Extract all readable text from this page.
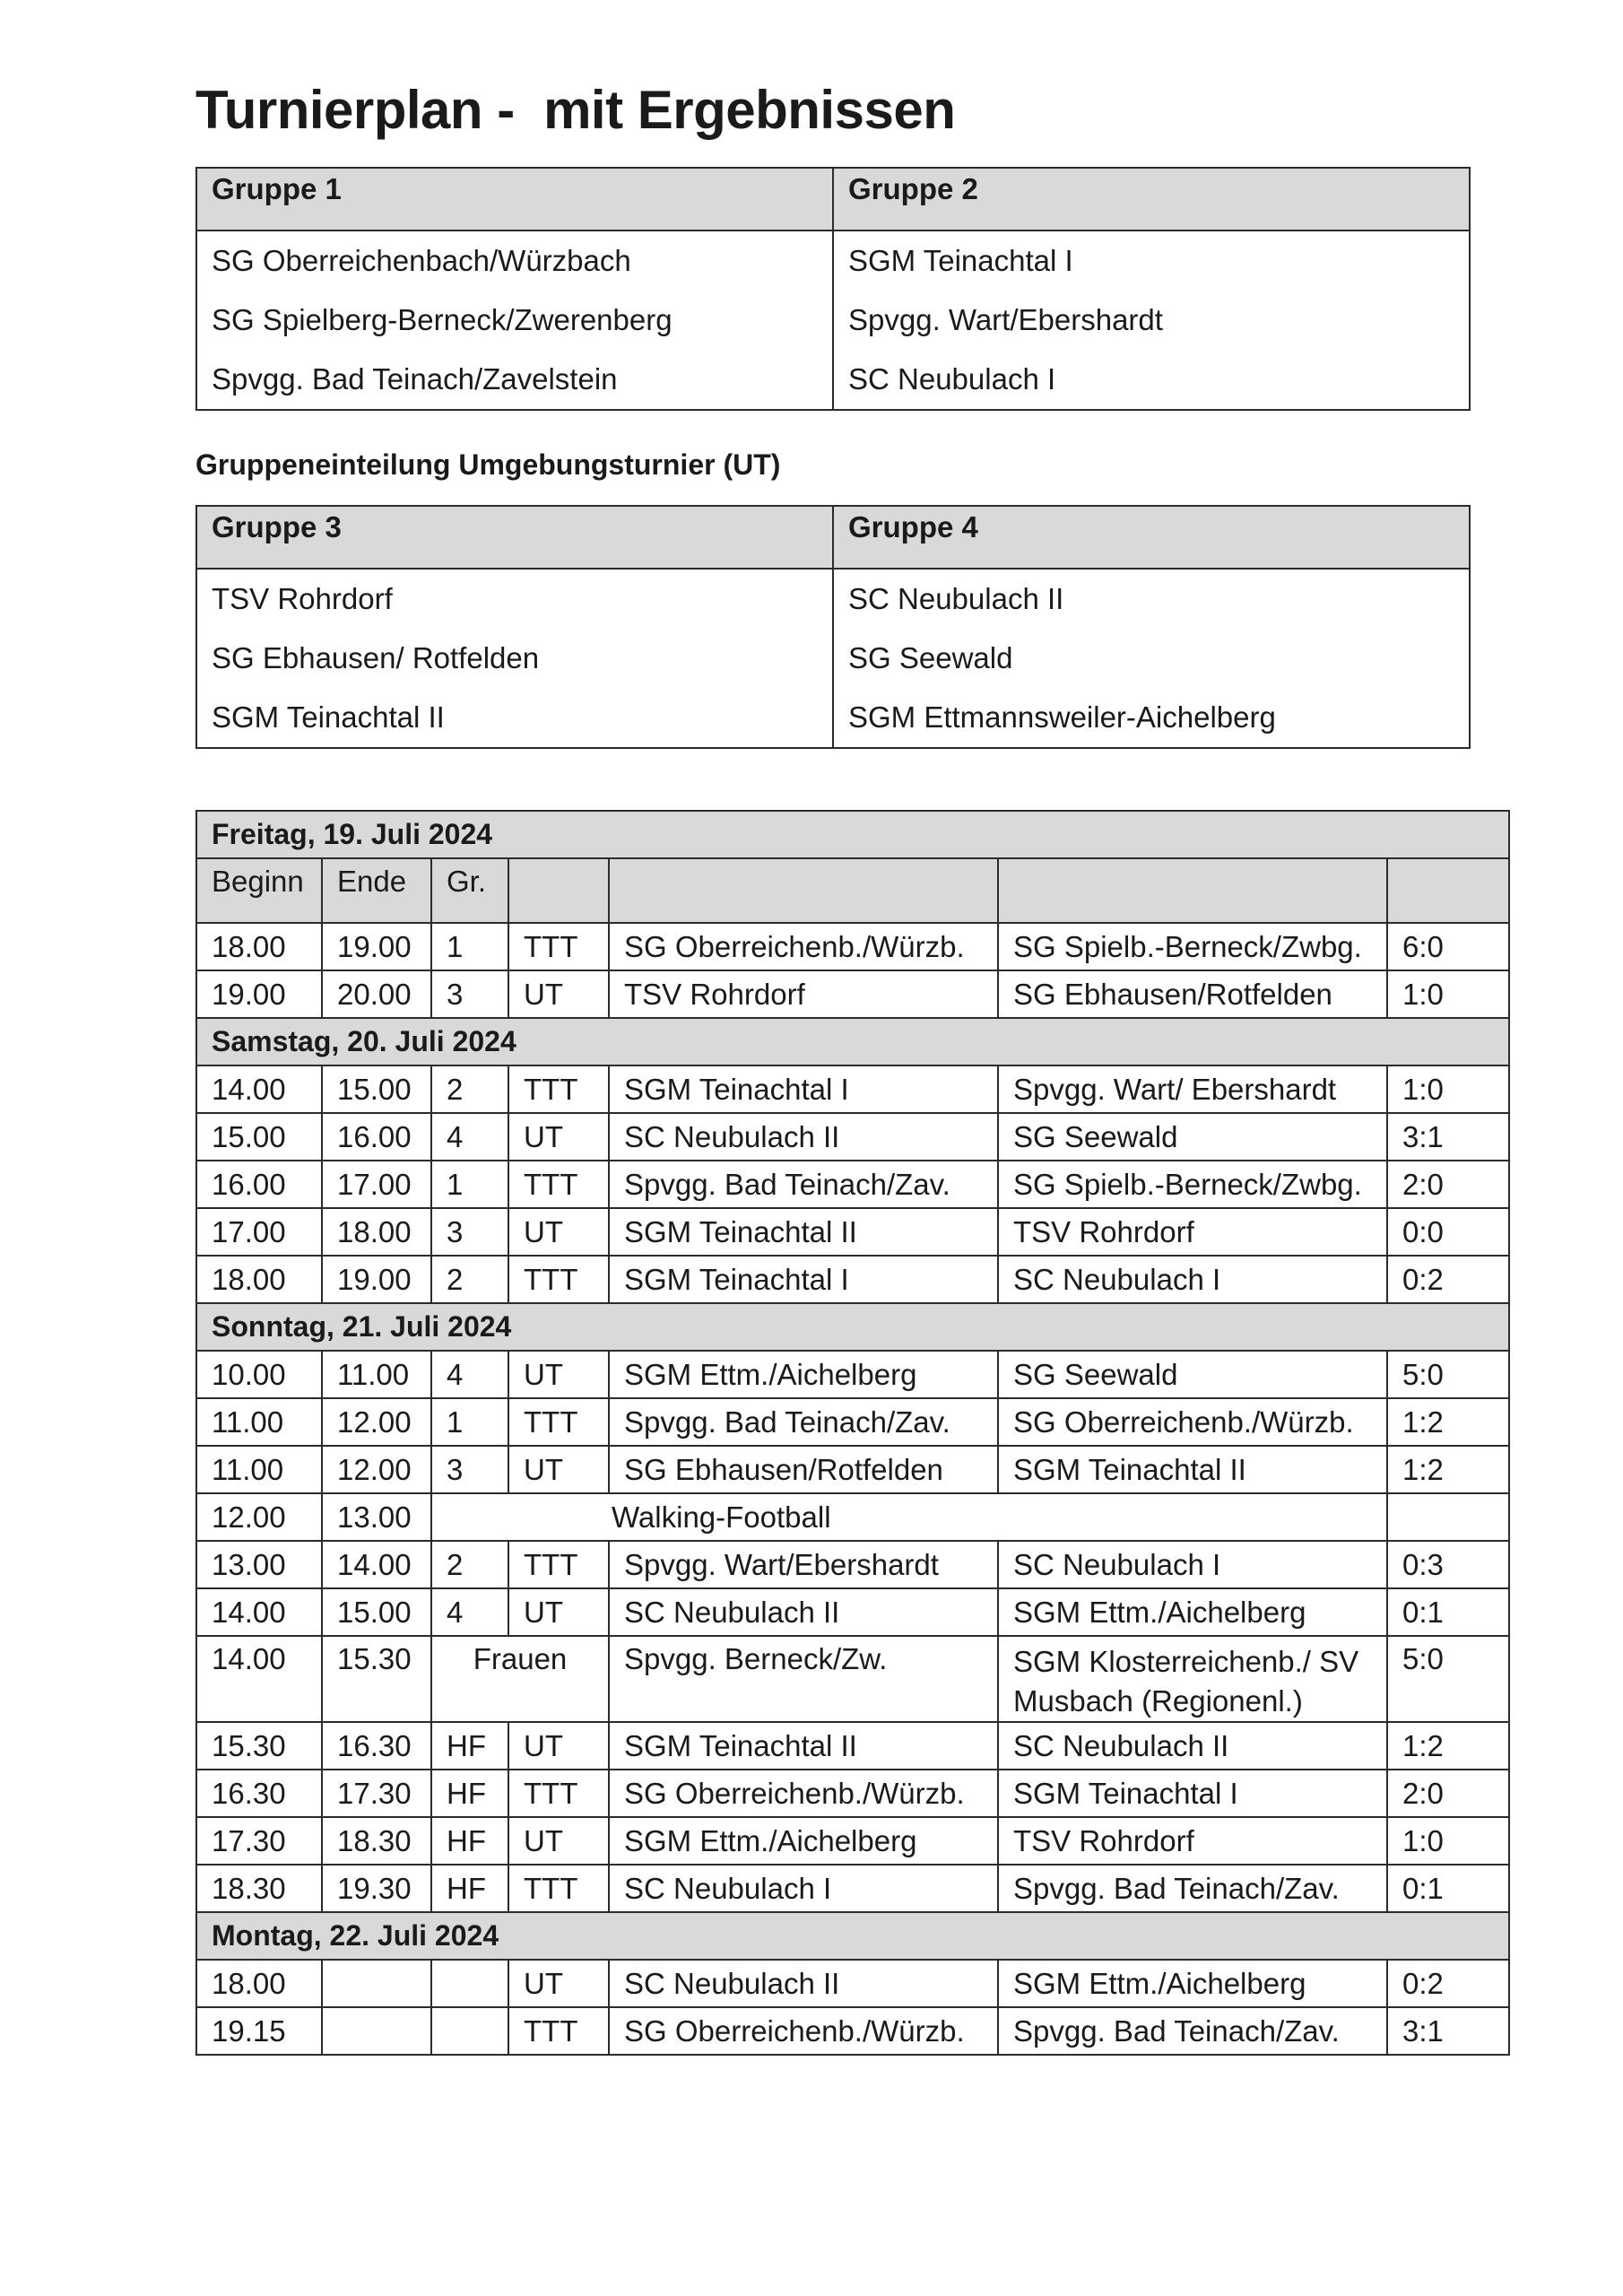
Turnierplan -  mit Ergebnissen
Gruppe 1	Gruppe 2
SG Oberreichenbach/Würzbach	SGM Teinachtal I
SG Spielberg-Berneck/Zwerenberg	Spvgg. Wart/Ebershardt
Spvgg. Bad Teinach/Zavelstein	SC Neubulach I
Gruppeneinteilung Umgebungsturnier (UT)
Gruppe 3	Gruppe 4
TSV Rohrdorf	SC Neubulach II
SG Ebhausen/ Rotfelden	SG Seewald
SGM Teinachtal II	SGM Ettmannsweiler-Aichelberg
Freitag, 19. Juli 2024						
Beginn	Ende	Gr.				
18.00	19.00	1	TTT	SG Oberreichenb./Würzb.	SG Spielb.-Berneck/Zwbg.	6:0
19.00	20.00	3	UT	TSV Rohrdorf	SG Ebhausen/Rotfelden	1:0
Samstag, 20. Juli 2024						
14.00	15.00	2	TTT	SGM Teinachtal I	Spvgg. Wart/ Ebershardt	1:0
15.00	16.00	4	UT	SC Neubulach II	SG Seewald	3:1
16.00	17.00	1	TTT	Spvgg. Bad Teinach/Zav.	SG Spielb.-Berneck/Zwbg.	2:0
17.00	18.00	3	UT	SGM Teinachtal II	TSV Rohrdorf	0:0
18.00	19.00	2	TTT	SGM Teinachtal I	SC Neubulach I	0:2
Sonntag, 21. Juli 2024						
10.00	11.00	4	UT	SGM Ettm./Aichelberg	SG Seewald	5:0
11.00	12.00	1	TTT	Spvgg. Bad Teinach/Zav.	SG Oberreichenb./Würzb.	1:2
11.00	12.00	3	UT	SG Ebhausen/Rotfelden	SGM Teinachtal II	1:2
12.00	13.00	Walking-Football				
13.00	14.00	2	TTT	Spvgg. Wart/Ebershardt	SC Neubulach I	0:3
14.00	15.00	4	UT	SC Neubulach II	SGM Ettm./Aichelberg	0:1
14.00	15.30	Frauen		Spvgg. Berneck/Zw.	SGM Klosterreichenb./ SV Musbach (Regionenl.)	5:0
15.30	16.30	HF	UT	SGM Teinachtal II	SC Neubulach II	1:2
16.30	17.30	HF	TTT	SG Oberreichenb./Würzb.	SGM Teinachtal I	2:0
17.30	18.30	HF	UT	SGM Ettm./Aichelberg	TSV Rohrdorf	1:0
18.30	19.30	HF	TTT	SC Neubulach I	Spvgg. Bad Teinach/Zav.	0:1
Montag, 22. Juli 2024						
18.00			UT	SC Neubulach II	SGM Ettm./Aichelberg	0:2
19.15			TTT	SG Oberreichenb./Würzb.	Spvgg. Bad Teinach/Zav.	3:1
